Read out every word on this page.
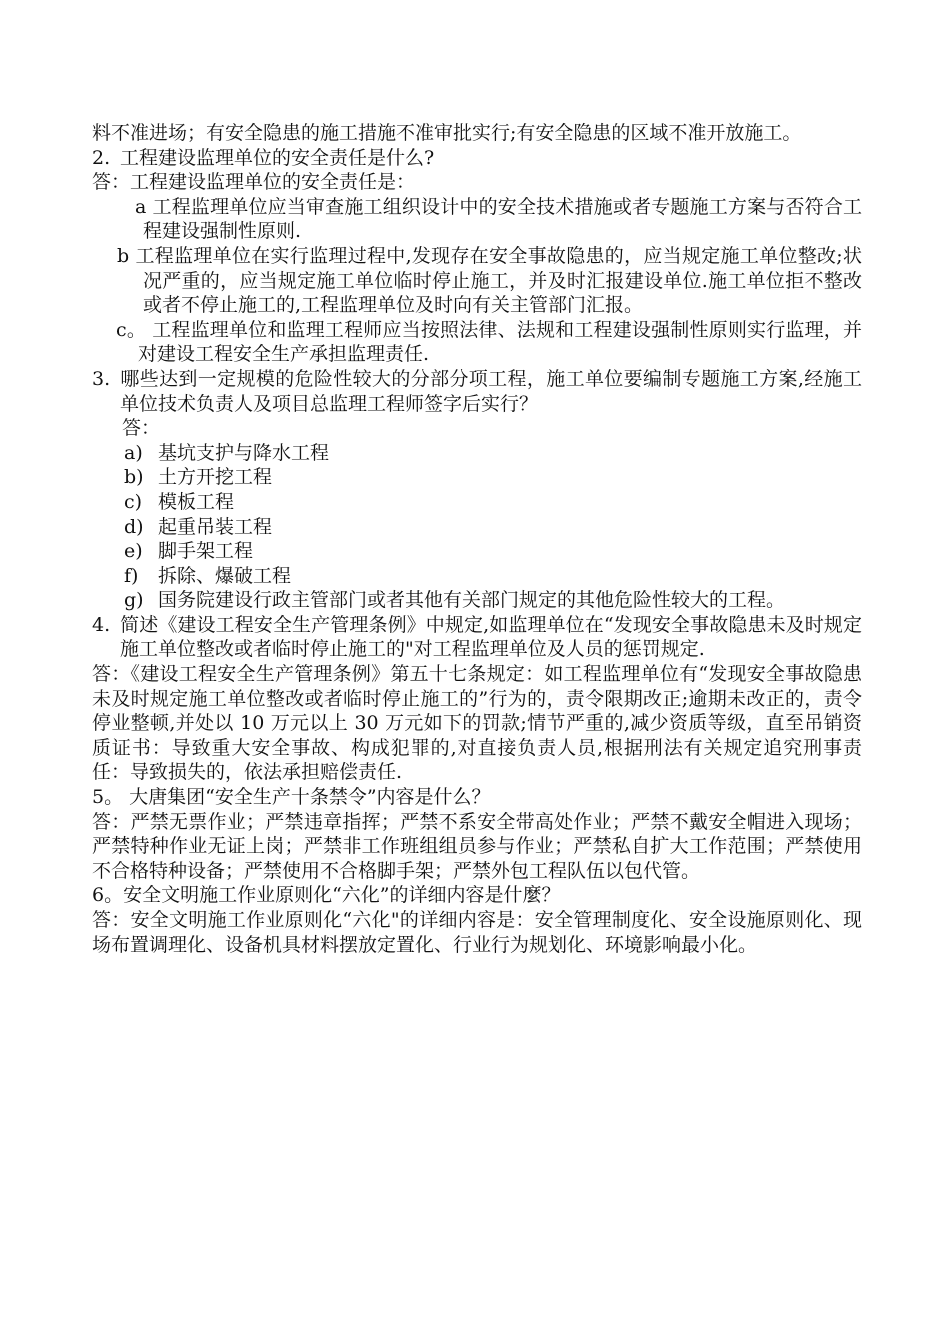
料不准进场；有安全隐患的施工措施不准审批实行;有安全隐患的区域不准开放施工。

2. 工程建设监理单位的安全责任是什么?

答：工程建设监理单位的安全责任是：

a 工程监理单位应当审查施工组织设计中的安全技术措施或者专题施工方案与否符合工程建设强制性原则.

b 工程监理单位在实行监理过程中,发现存在安全事故隐患的，应当规定施工单位整改;状况严重的，应当规定施工单位临时停止施工，并及时汇报建设单位.施工单位拒不整改或者不停止施工的,工程监理单位及时向有关主管部门汇报。

c。 工程监理单位和监理工程师应当按照法律、法规和工程建设强制性原则实行监理，并对建设工程安全生产承担监理责任.

3. 哪些达到一定规模的危险性较大的分部分项工程，施工单位要编制专题施工方案,经施工单位技术负责人及项目总监理工程师签字后实行？

答：

a) 基坑支护与降水工程
b) 土方开挖工程
c) 模板工程
d) 起重吊装工程
e) 脚手架工程
f) 拆除、爆破工程
g) 国务院建设行政主管部门或者其他有关部门规定的其他危险性较大的工程。

4. 简述《建设工程安全生产管理条例》中规定,如监理单位在“发现安全事故隐患未及时规定施工单位整改或者临时停止施工的"对工程监理单位及人员的惩罚规定.

答：《建设工程安全生产管理条例》第五十七条规定：如工程监理单位有“发现安全事故隐患未及时规定施工单位整改或者临时停止施工的”行为的，责令限期改正;逾期未改正的，责令停业整顿,并处以 10 万元以上 30 万元如下的罚款;情节严重的,减少资质等级，直至吊销资质证书：导致重大安全事故、构成犯罪的,对直接负责人员,根据刑法有关规定追究刑事责任：导致损失的，依法承担赔偿责任.

5。 大唐集团“安全生产十条禁令”内容是什么？

答：严禁无票作业；严禁违章指挥；严禁不系安全带高处作业；严禁不戴安全帽进入现场；严禁特种作业无证上岗；严禁非工作班组组员参与作业；严禁私自扩大工作范围；严禁使用不合格特种设备；严禁使用不合格脚手架；严禁外包工程队伍以包代管。

6。安全文明施工作业原则化“六化”的详细内容是什麼？

答：安全文明施工作业原则化“六化"的详细内容是：安全管理制度化、安全设施原则化、现场布置调理化、设备机具材料摆放定置化、行业行为规划化、环境影响最小化。
